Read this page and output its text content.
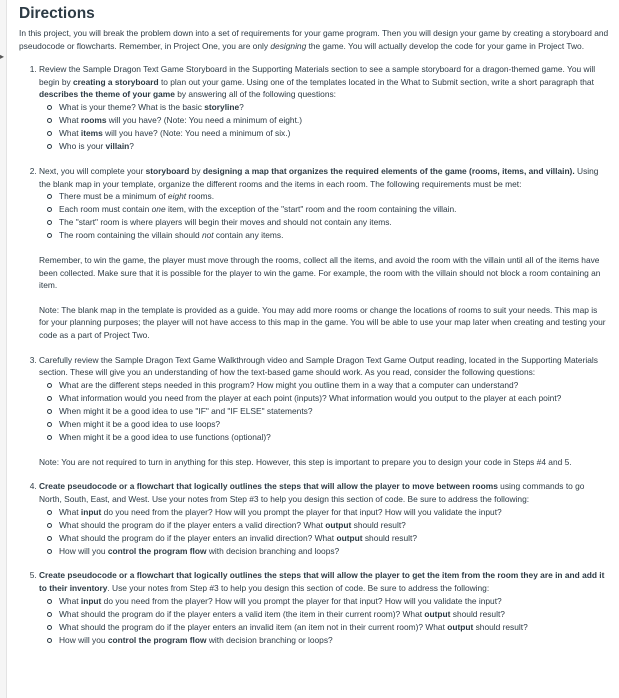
▸
Directions

In this project, you will break the problem down into a set of requirements for your game program. Then you will design your game by creating a storyboard and pseudocode or flowcharts. Remember, in Project One, you are only designing the game. You will actually develop the code for your game in Project Two.

1. Review the Sample Dragon Text Game Storyboard in the Supporting Materials section to see a sample storyboard for a dragon-themed game. You will begin by creating a storyboard to plan out your game. Using one of the templates located in the What to Submit section, write a short paragraph that describes the theme of your game by answering all of the following questions:
What is your theme? What is the basic storyline?
What rooms will you have? (Note: You need a minimum of eight.)
What items will you have? (Note: You need a minimum of six.)
Who is your villain?
2. Next, you will complete your storyboard by designing a map that organizes the required elements of the game (rooms, items, and villain). Using the blank map in your template, organize the different rooms and the items in each room. The following requirements must be met:
There must be a minimum of eight rooms.
Each room must contain one item, with the exception of the "start" room and the room containing the villain.
The "start" room is where players will begin their moves and should not contain any items.
The room containing the villain should not contain any items.

Remember, to win the game, the player must move through the rooms, collect all the items, and avoid the room with the villain until all of the items have been collected. Make sure that it is possible for the player to win the game. For example, the room with the villain should not block a room containing an item.

Note: The blank map in the template is provided as a guide. You may add more rooms or change the locations of rooms to suit your needs. This map is for your planning purposes; the player will not have access to this map in the game. You will be able to use your map later when creating and testing your code as a part of Project Two.

3. Carefully review the Sample Dragon Text Game Walkthrough video and Sample Dragon Text Game Output reading, located in the Supporting Materials section. These will give you an understanding of how the text-based game should work. As you read, consider the following questions:
What are the different steps needed in this program? How might you outline them in a way that a computer can understand?
What information would you need from the player at each point (inputs)? What information would you output to the player at each point?
When might it be a good idea to use "IF" and "IF ELSE" statements?
When might it be a good idea to use loops?
When might it be a good idea to use functions (optional)?

Note: You are not required to turn in anything for this step. However, this step is important to prepare you to design your code in Steps #4 and 5.

4. Create pseudocode or a flowchart that logically outlines the steps that will allow the player to move between rooms using commands to go North, South, East, and West. Use your notes from Step #3 to help you design this section of code. Be sure to address the following:
What input do you need from the player? How will you prompt the player for that input? How will you validate the input?
What should the program do if the player enters a valid direction? What output should result?
What should the program do if the player enters an invalid direction? What output should result?
How will you control the program flow with decision branching and loops?
5. Create pseudocode or a flowchart that logically outlines the steps that will allow the player to get the item from the room they are in and add it to their inventory. Use your notes from Step #3 to help you design this section of code. Be sure to address the following:
What input do you need from the player? How will you prompt the player for that input? How will you validate the input?
What should the program do if the player enters a valid item (the item in their current room)? What output should result?
What should the program do if the player enters an invalid item (an item not in their current room)? What output should result?
How will you control the program flow with decision branching or loops?
